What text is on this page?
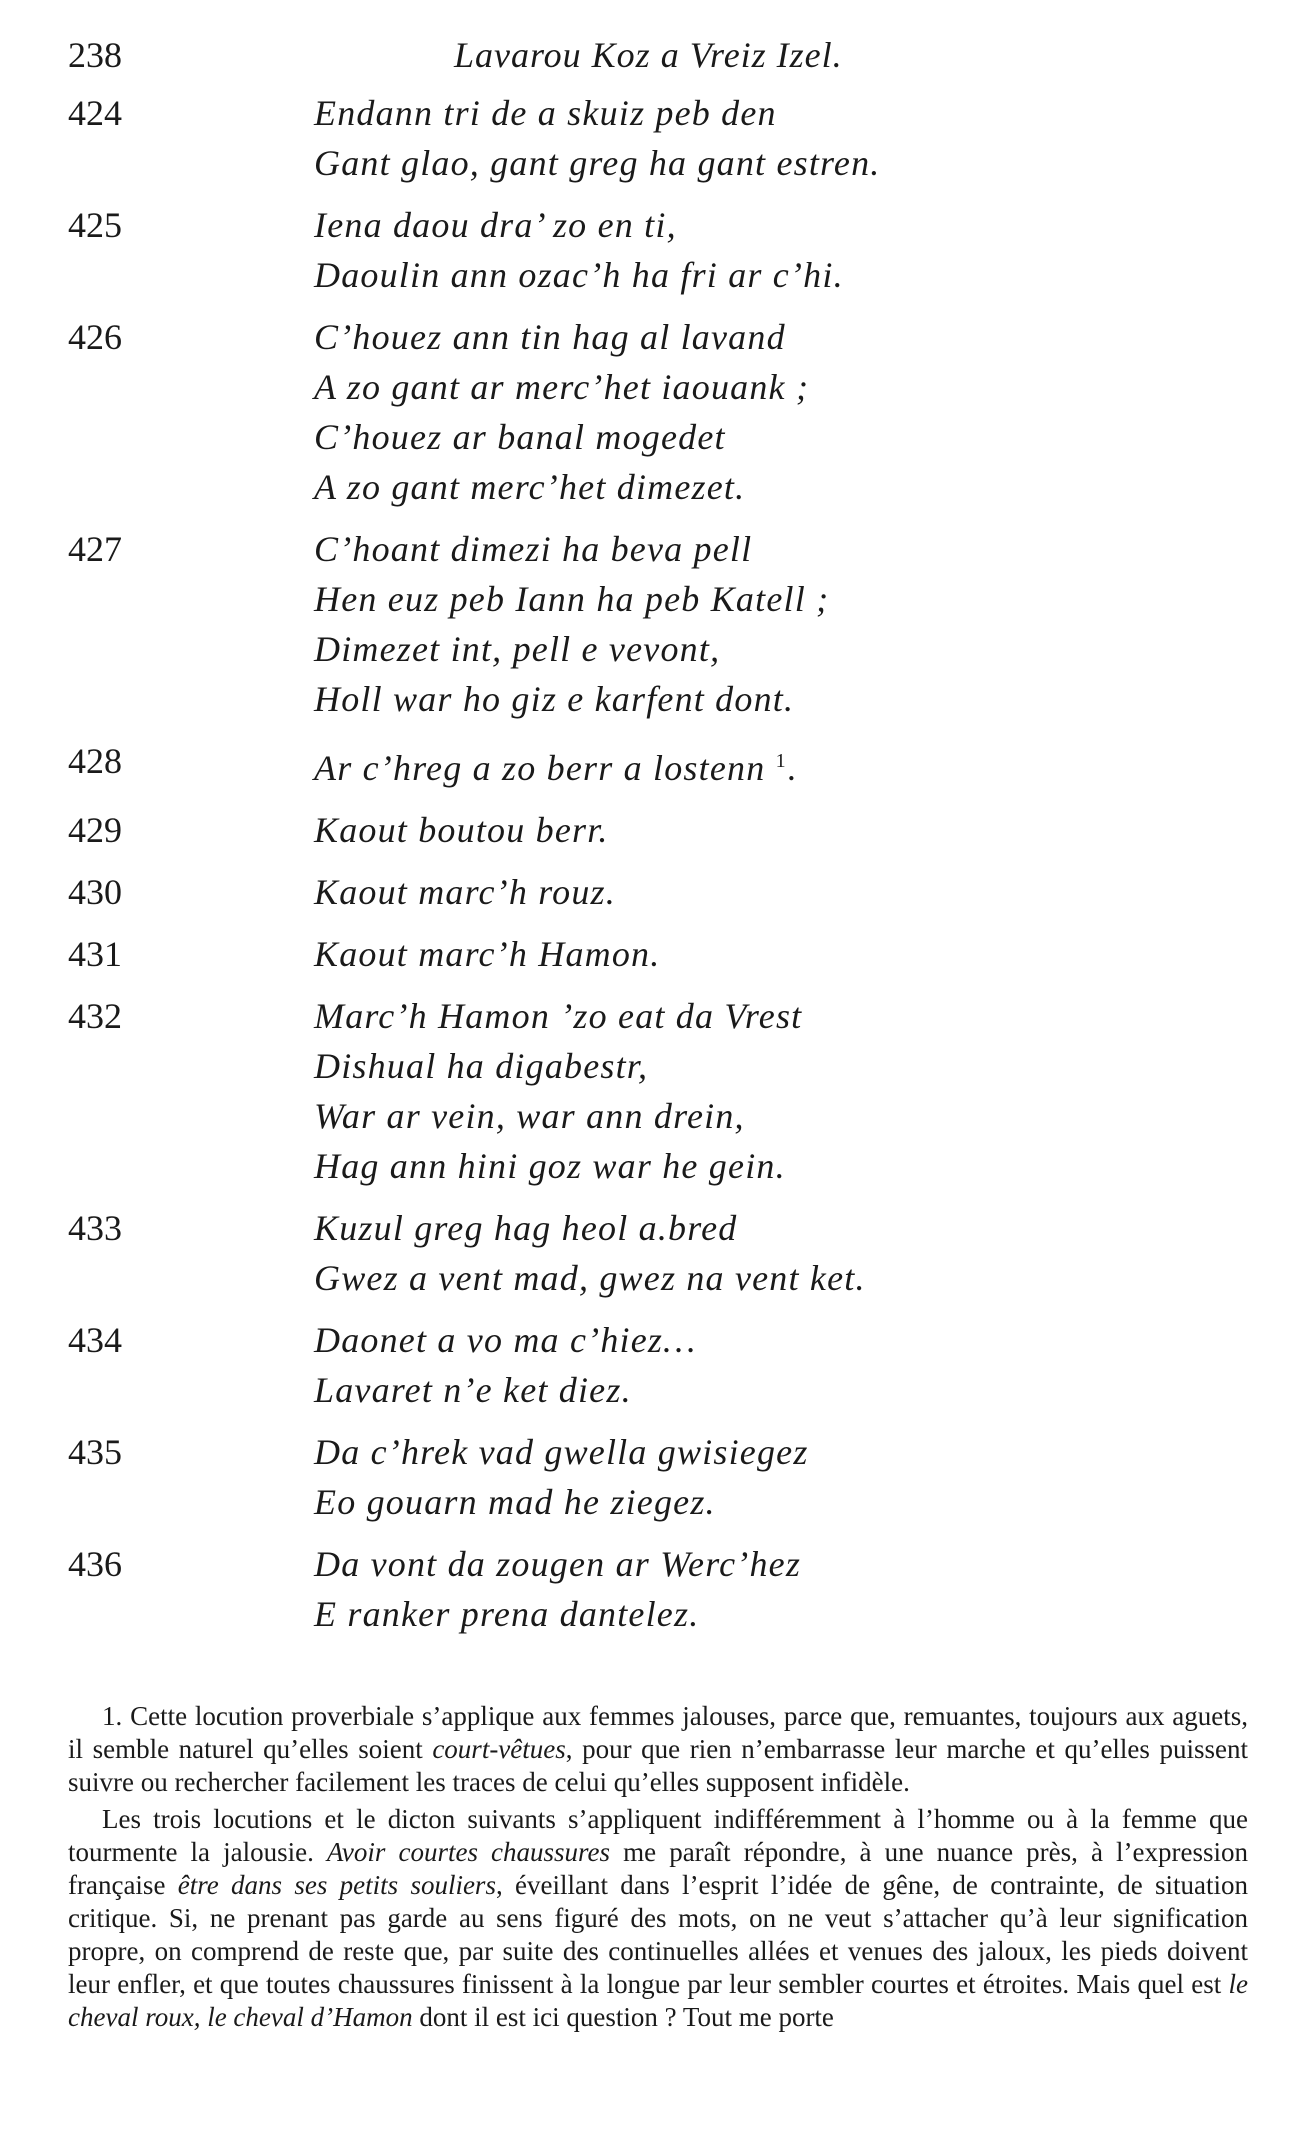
238	Lavarou Koz a Vreiz Izel.
424	Endann tri de a skuiz peb den
Gant glao, gant greg ha gant estren.
425	Iena daou dra’ zo en ti,
Daoulin ann ozac’h ha fri ar c’hi.
426	C’houez ann tin hag al lavand
A zo gant ar merc’het iaouank ;
C’houez ar banal mogedet
A zo gant merc’het dimezet.
427	C’hoant dimezi ha beva pell
Hen euz peb Iann ha peb Katell ;
Dimezet int, pell e vevont,
Holl war ho giz e karfent dont.
428	Ar c’hreg a zo berr a lostenn $^1$.
429	Kaout boutou berr.
430	Kaout marc’h rouz.
431	Kaout marc’h Hamon.
432	Marc’h Hamon ’zo eat da Vrest
Dishual ha digabestr,
War ar vein, war ann drein,
Hag ann hini goz war he gein.
433	Kuzul greg hag heol a.bred
Gwez a vent mad, gwez na vent ket.
434	Daonet a vo ma c’hiez…
Lavaret n’e ket diez.
435	Da c’hrek vad gwella gwisiegez
Eo gouarn mad he ziegez.
436	Da vont da zougen ar Werc’hez
E ranker prena dantelez.

1. Cette locution proverbiale s’applique aux femmes jalouses, parce que, remuantes, toujours aux aguets, il semble naturel qu’elles soient court-vêtues, pour que rien n’embarrasse leur marche et qu’elles puissent suivre ou rechercher facilement les traces de celui qu’elles supposent infidèle.

Les trois locutions et le dicton suivants s’appliquent indifféremment à l’homme ou à la femme que tourmente la jalousie. Avoir courtes chaussures me paraît répondre, à une nuance près, à l’expression française être dans ses petits souliers, éveillant dans l’esprit l’idée de gêne, de contrainte, de situation critique. Si, ne prenant pas garde au sens figuré des mots, on ne veut s’attacher qu’à leur signification propre, on comprend de reste que, par suite des continuelles allées et venues des jaloux, les pieds doivent leur enfler, et que toutes chaussures finissent à la longue par leur sembler courtes et étroites. Mais quel est le cheval roux, le cheval d’Hamon dont il est ici question ? Tout me porte
